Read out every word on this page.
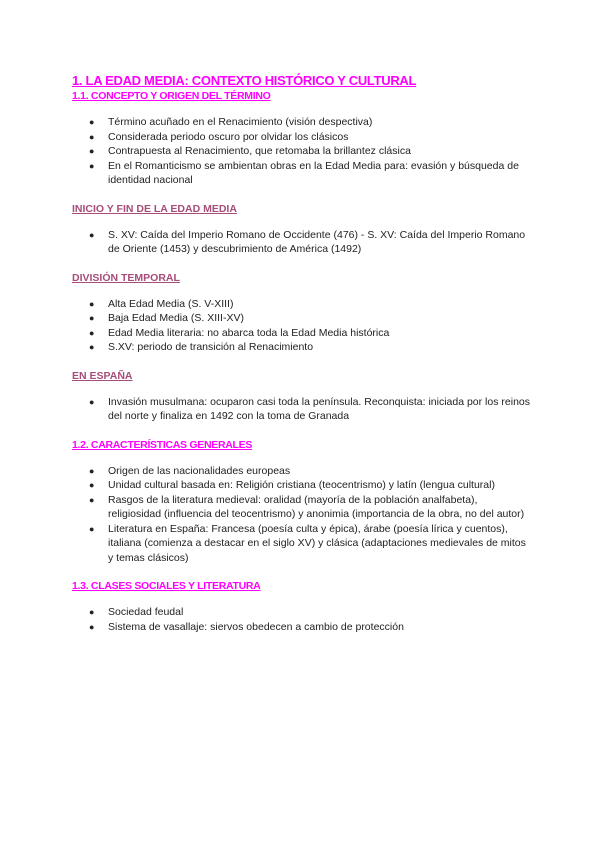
1. LA EDAD MEDIA: CONTEXTO HISTÓRICO Y CULTURAL
1.1. CONCEPTO Y ORIGEN DEL TÉRMINO
● Término acuñado en el Renacimiento (visión despectiva)
● Considerada periodo oscuro por olvidar los clásicos
● Contrapuesta al Renacimiento, que retomaba la brillantez clásica
● En el Romanticismo se ambientan obras en la Edad Media para: evasión y búsqueda de identidad nacional
INICIO Y FIN DE LA EDAD MEDIA
● S. XV: Caída del Imperio Romano de Occidente (476) - S. XV: Caída del Imperio Romano de Oriente (1453) y descubrimiento de América (1492)
DIVISIÓN TEMPORAL
● Alta Edad Media (S. V-XIII)
● Baja Edad Media (S. XIII-XV)
● Edad Media literaria: no abarca toda la Edad Media histórica
● S.XV: periodo de transición al Renacimiento
EN ESPAÑA
● Invasión musulmana: ocuparon casi toda la península. Reconquista: iniciada por los reinos del norte y finaliza en 1492 con la toma de Granada
1.2. CARACTERÍSTICAS GENERALES
● Origen de las nacionalidades europeas
● Unidad cultural basada en: Religión cristiana (teocentrismo) y latín (lengua cultural)
● Rasgos de la literatura medieval: oralidad (mayoría de la población analfabeta), religiosidad (influencia del teocentrismo) y anonimia (importancia de la obra, no del autor)
● Literatura en España: Francesa (poesía culta y épica), árabe (poesía lírica y cuentos), italiana (comienza a destacar en el siglo XV) y clásica (adaptaciones medievales de mitos y temas clásicos)
1.3. CLASES SOCIALES Y LITERATURA
● Sociedad feudal
● Sistema de vasallaje: siervos obedecen a cambio de protección
